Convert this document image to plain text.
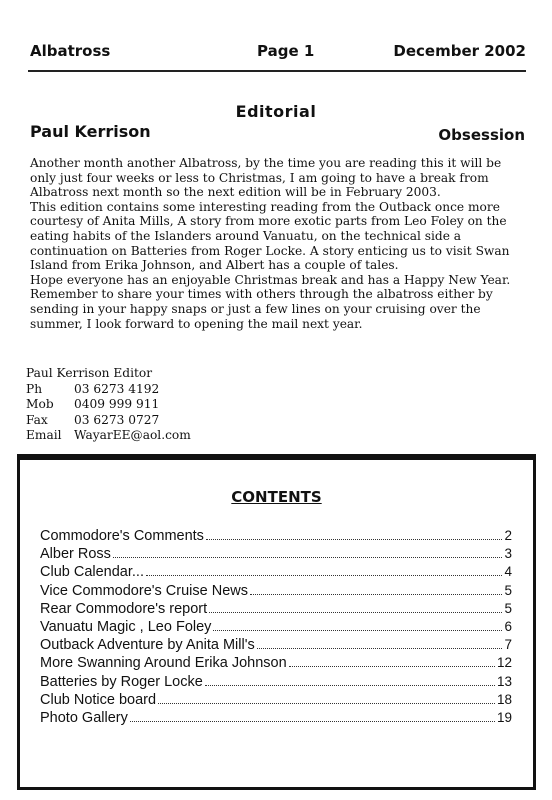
Albatross	Page 1	December 2002
Editorial
Paul Kerrison	Obsession

Another month another Albatross, by the time you are reading this it will be only just four weeks or less to Christmas, I am going to have a break from Albatross next month so the next edition will be in February 2003.

This edition contains some interesting reading from the Outback once more courtesy of Anita Mills, A story from more exotic parts from Leo Foley on the eating habits of the Islanders around Vanuatu, on the technical side a continuation on Batteries from Roger Locke. A story enticing us to visit Swan Island from Erika Johnson, and Albert has a couple of tales.

Hope everyone has an enjoyable Christmas break and has a Happy New Year. Remember to share your times with others through the albatross either by sending in your happy snaps or just a few lines on your cruising over the summer, I look forward to opening the mail next year.

Paul Kerrison Editor
Ph	03 6273 4192
Mob	0409 999 911
Fax	03 6273 0727
Email	WayarEE@aol.com
CONTENTS
Commodore's Comments	2
Alber Ross	3
Club Calendar...	4
Vice Commodore's Cruise News	5
Rear Commodore's report	5
Vanuatu Magic , Leo Foley	6
Outback Adventure by Anita Mill's	7
More Swanning Around Erika Johnson	12
Batteries by Roger Locke	13
Club Notice board	18
Photo Gallery	19
